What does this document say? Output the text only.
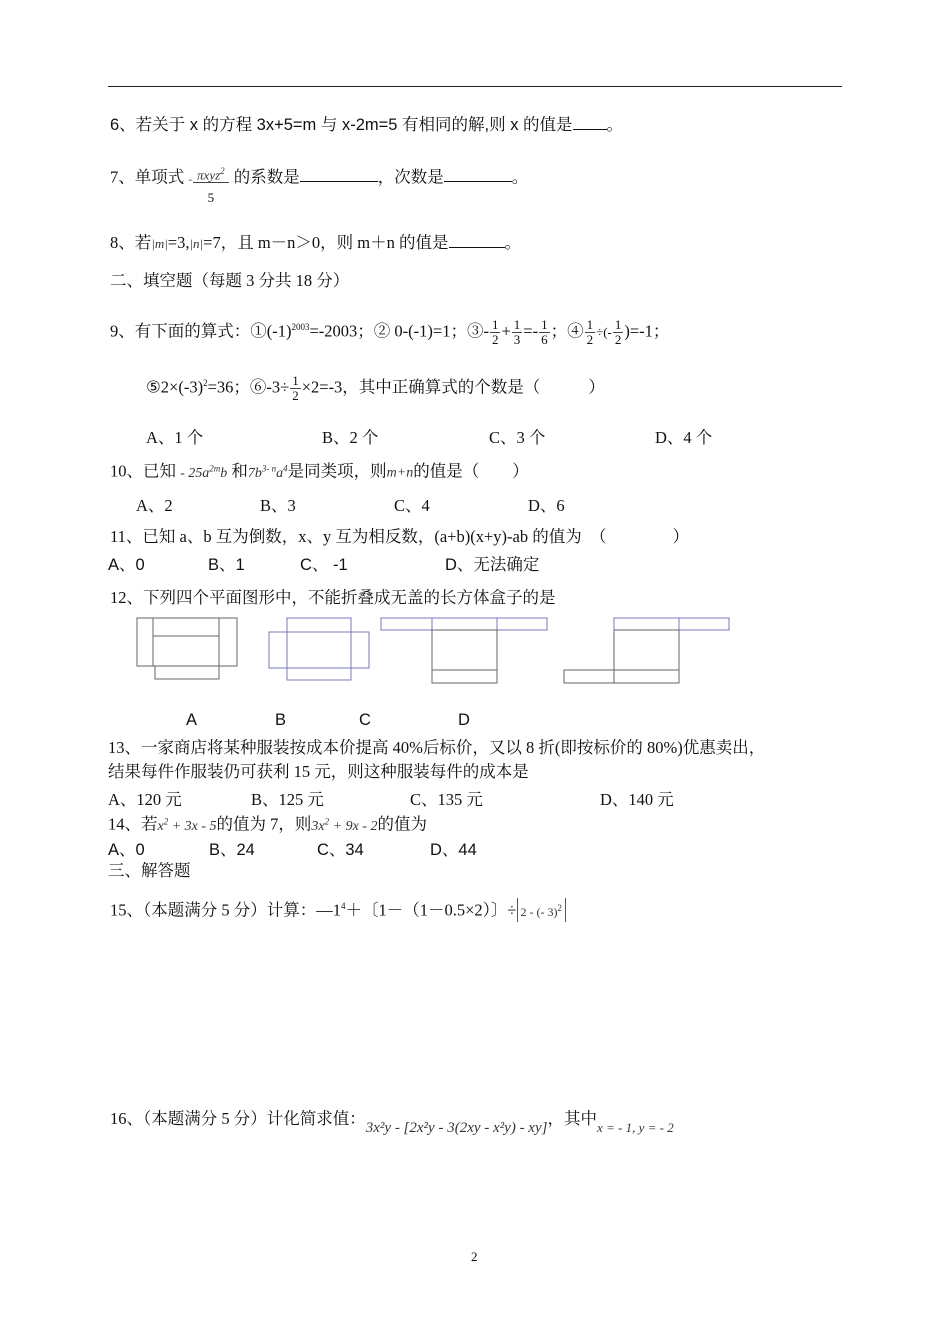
6、若关于 x 的方程 3x+5=m 与 x-2m=5 有相同的解,则 x 的值是 。
7、单项式 - $\frac{\pi xyz^2}{5}$ 的系数是	，次数是	。
8、若|m|=3,|n|=7，且 m－n＞0，则 m＋n 的值是	。
二、填空题（每题 3 分共 18 分）
9、有下面的算式：$①(-1)^{2003}=-2003$；② 0-(-1)=1；③- $\frac{1}{2} + \frac{1}{3} =- \frac{1}{6}$ ；④ $\frac{1}{2}$ ÷(- $\frac{1}{2} )=-1$；
$⑤2\times(-3)^2=36$；⑥-3÷ $\frac{1}{2} \times 2=-3$，其中正确算式的个数是（	）
A、1 个	B、2 个	C、3 个	D、4 个
10、已知 - $25a^{2m}b$ 和$7b^{3- n}a^4$是同类项，则m+n的值是（　　）
A、2	B、3	C、4	D、6
11、已知 a、b 互为倒数，x、y 互为相反数，(a+b)(x+y)-ab 的值为　（　　　　）
A、0	B、1	C、 -1	D、无法确定
12、下列四个平面图形中，不能折叠成无盖的长方体盒子的是
A	B	C	D
13、一家商店将某种服装按成本价提高 40%后标价，又以 8 折(即按标价的 80%)优惠卖出，
结果每件作服装仍可获利 15 元，则这种服装每件的成本是
A、120 元	B、125 元	C、135 元	D、140 元
14、若$x^2 + 3x - 5$的值为 7，则$3x^2 + 9x - 2$的值为
A、0	B、24	C、34	D、44
三、解答题
15、（本题满分 5 分）计算：$—1^4+$〔1－（1－0.5×2）〕÷ 2 - (- 3)$^2$
16、（本题满分 5 分）计化简求值：3x²y - [2x²y - 3(2xy - x²y) - xy]，其中$_{x = - 1, y = - 2}$
2
